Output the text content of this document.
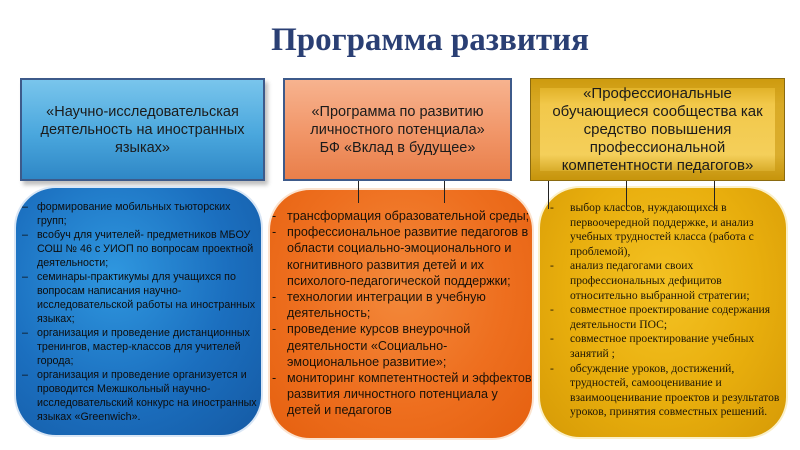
Программа развития
«Научно-исследовательская деятельность на иностранных языках»
– формирование мобильных тьюторских групп;
– всобуч для учителей- предметников МБОУ СОШ № 46 с УИОП по вопросам проектной деятельности;
– семинары-практикумы для учащихся по вопросам написания научно-исследовательской работы на иностранных языках;
– организация и проведение дистанционных тренингов, мастер-классов для учителей города;
– организация и проведение организуется и проводится Межшкольный научно-исследовательский конкурс на иностранных языках «Greenwich».
«Программа по развитию личностного потенциала»
БФ «Вклад в будущее»
- трансформация образовательной среды;
- профессиональное развитие педагогов в области социально-эмоционального и когнитивного развития детей и их психолого-педагогической поддержки;
- технологии интеграции в учебную деятельность;
- проведение курсов внеурочной деятельности «Социально-эмоциональное развитие»;
- мониторинг компетентностей и эффектов развития личностного потенциала у детей и педагогов
«Профессиональные обучающиеся сообщества как средство повышения профессиональной компетентности педагогов»
- выбор классов, нуждающихся в первоочередной поддержке, и анализ учебных трудностей класса (работа с проблемой),
- анализ педагогами своих профессиональных дефицитов относительно выбранной стратегии;
- совместное проектирование содержания деятельности ПОС;
- совместное проектирование учебных занятий ;
- обсуждение уроков, достижений, трудностей, самооценивание и взаимооценивание проектов и результатов уроков, принятия совместных решений.
